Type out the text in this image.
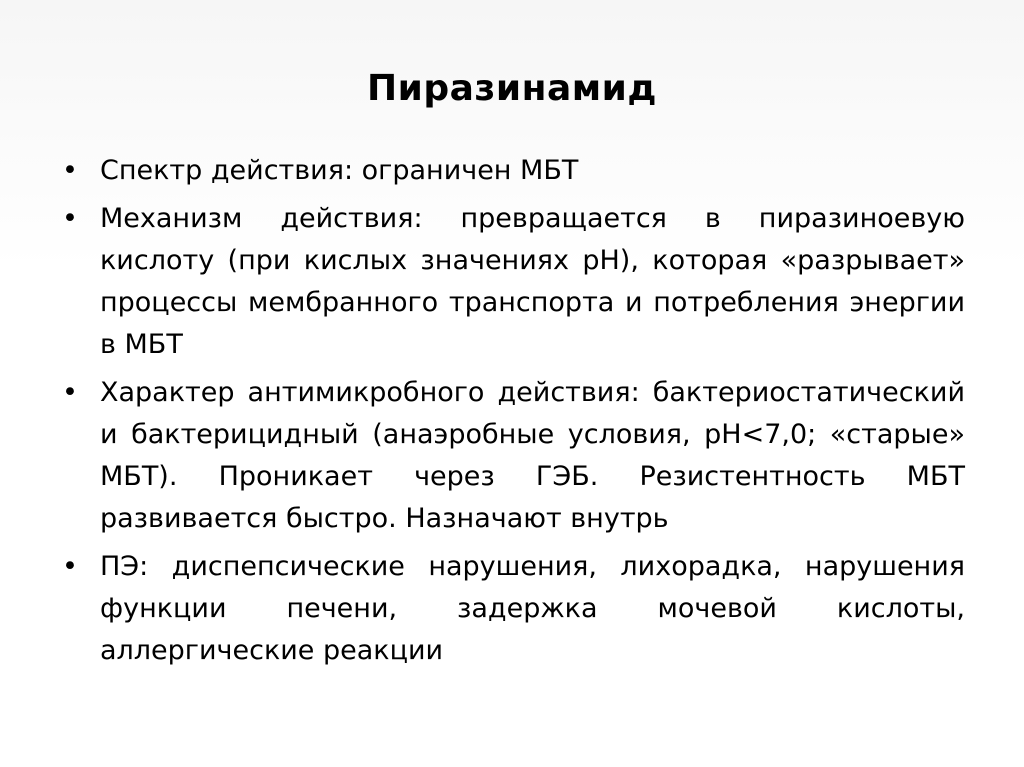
Пиразинамид
• Спектр действия: ограничен МБТ
• Механизм действия: превращается в пиразиноевую кислоту (при кислых значениях pH), которая «разрывает» процессы мембранного транспорта и потребления энергии в МБТ
• Характер антимикробного действия: бактериостатический и бактерицидный (анаэробные условия, pH<7,0; «старые» МБТ). Проникает через ГЭБ. Резистентность МБТ развивается быстро. Назначают внутрь
• ПЭ: диспепсические нарушения, лихорадка, нарушения функции печени, задержка мочевой кислоты, аллергические реакции
